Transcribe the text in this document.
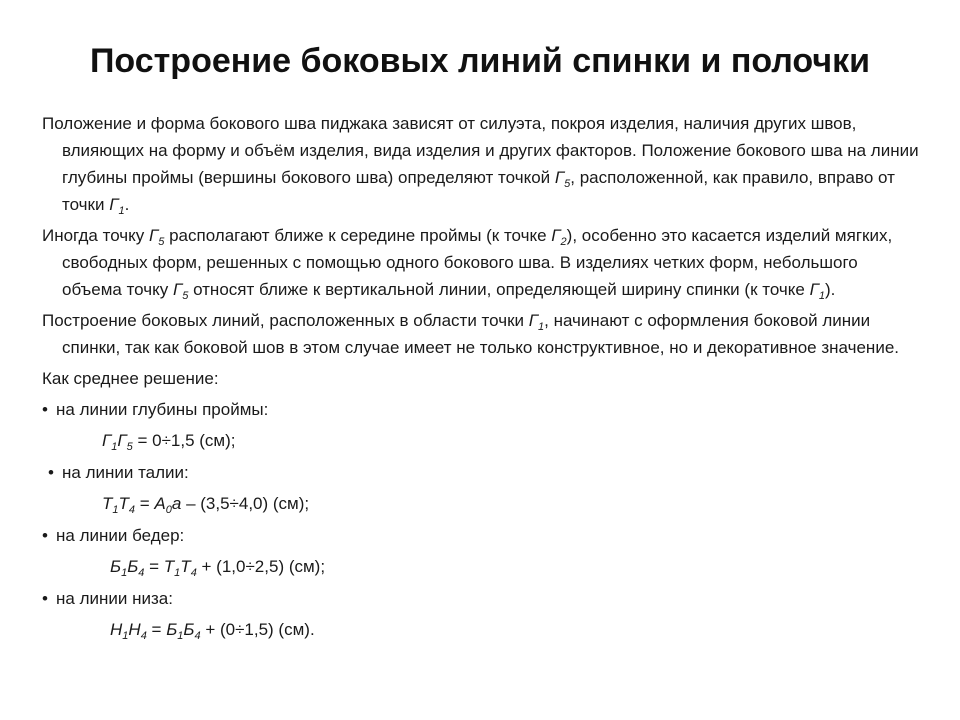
Построение боковых линий спинки и полочки

Положение и форма бокового шва пиджака зависят от силуэта, покроя изделия, наличия других швов, влияющих на форму и объём изделия, вида изделия и других факторов. Положение бокового шва на линии глубины проймы (вершины бокового шва) определяют точкой $Г_5$, расположенной, как правило, вправо от точки $Г_1$.

Иногда точку $Г_5$ располагают ближе к середине проймы (к точке $Г_2$), особенно это касается изделий мягких, свободных форм, решенных с помощью одного бокового шва. В изделиях четких форм, небольшого объема точку $Г_5$ относят ближе к вертикальной линии, определяющей ширину спинки (к точке $Г_1$).

Построение боковых линий, расположенных в области точки $Г_1$, начинают с оформления боковой линии спинки, так как боковой шов в этом случае имеет не только конструктивное, но и декоративное значение.

Как среднее решение:

• на линии глубины проймы:

$Г_1Г_5 = 0\div 1,5$ (см);

• на линии талии:

$Т_1Т_4 = А_0a - (3,5\div 4,0)$ (см);

• на линии бедер:

$Б_1Б_4 = Т_1Т_4 + (1,0\div 2,5)$ (см);

• на линии низа:

$Н_1Н_4 = Б_1Б_4 + (0\div 1,5)$ (см).
